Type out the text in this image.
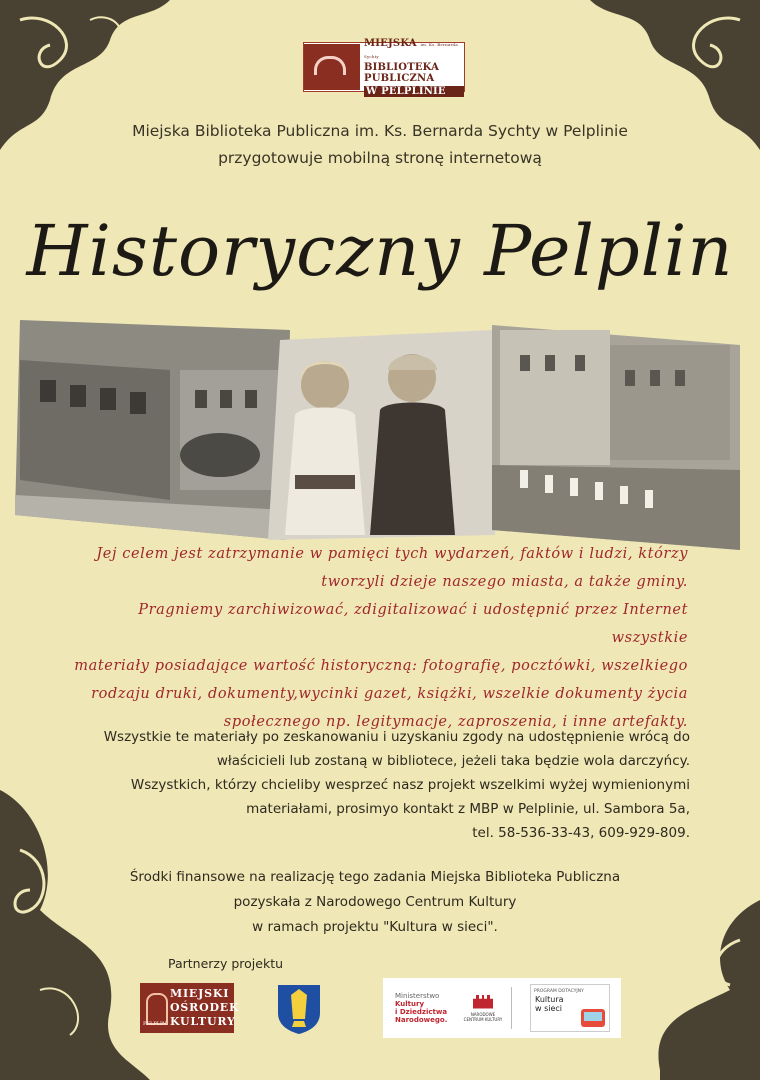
MIEJSKA im. Ks. Bernarda Sychty
BIBLIOTEKA
PUBLICZNA
W PELPLINIE
Miejska Biblioteka Publiczna im. Ks. Bernarda Sychty w Pelplinie
przygotowuje mobilną stronę internetową
Historyczny Pelplin
Jej celem jest zatrzymanie w pamięci tych wydarzeń, faktów i ludzi, którzy
tworzyli dzieje naszego miasta, a także gminy.
Pragniemy zarchiwizować, zdigitalizować i udostępnić przez Internet wszystkie
materiały posiadające wartość historyczną: fotografię, pocztówki, wszelkiego
rodzaju druki, dokumenty,wycinki gazet, książki, wszelkie dokumenty życia
społecznego np. legitymacje, zaproszenia, i inne artefakty.
Wszystkie te materiały po zeskanowaniu i uzyskaniu zgody na udostępnienie wrócą do
właścicieli lub zostaną w bibliotece, jeżeli taka będzie wola darczyńcy.
Wszystkich, którzy chcieliby wesprzeć nasz projekt wszelkimi wyżej wymienionymi
materiałami, prosimyo kontakt z MBP w Pelplinie, ul. Sambora 5a,
tel. 58-536-33-43, 609-929-809.
Środki finansowe na realizację tego zadania Miejska Biblioteka Publiczna
pozyskała z Narodowego Centrum Kultury
w ramach projektu "Kultura w sieci".
Partnerzy projektu
MIEJSKI
OŚRODEK
KULTURY
PELPLIN
Ministerstwo
Kultury
i Dziedzictwa
Narodowego.
NARODOWE CENTRUM KULTURY
PROGRAM DOTACYJNY
Kultura
w sieci
